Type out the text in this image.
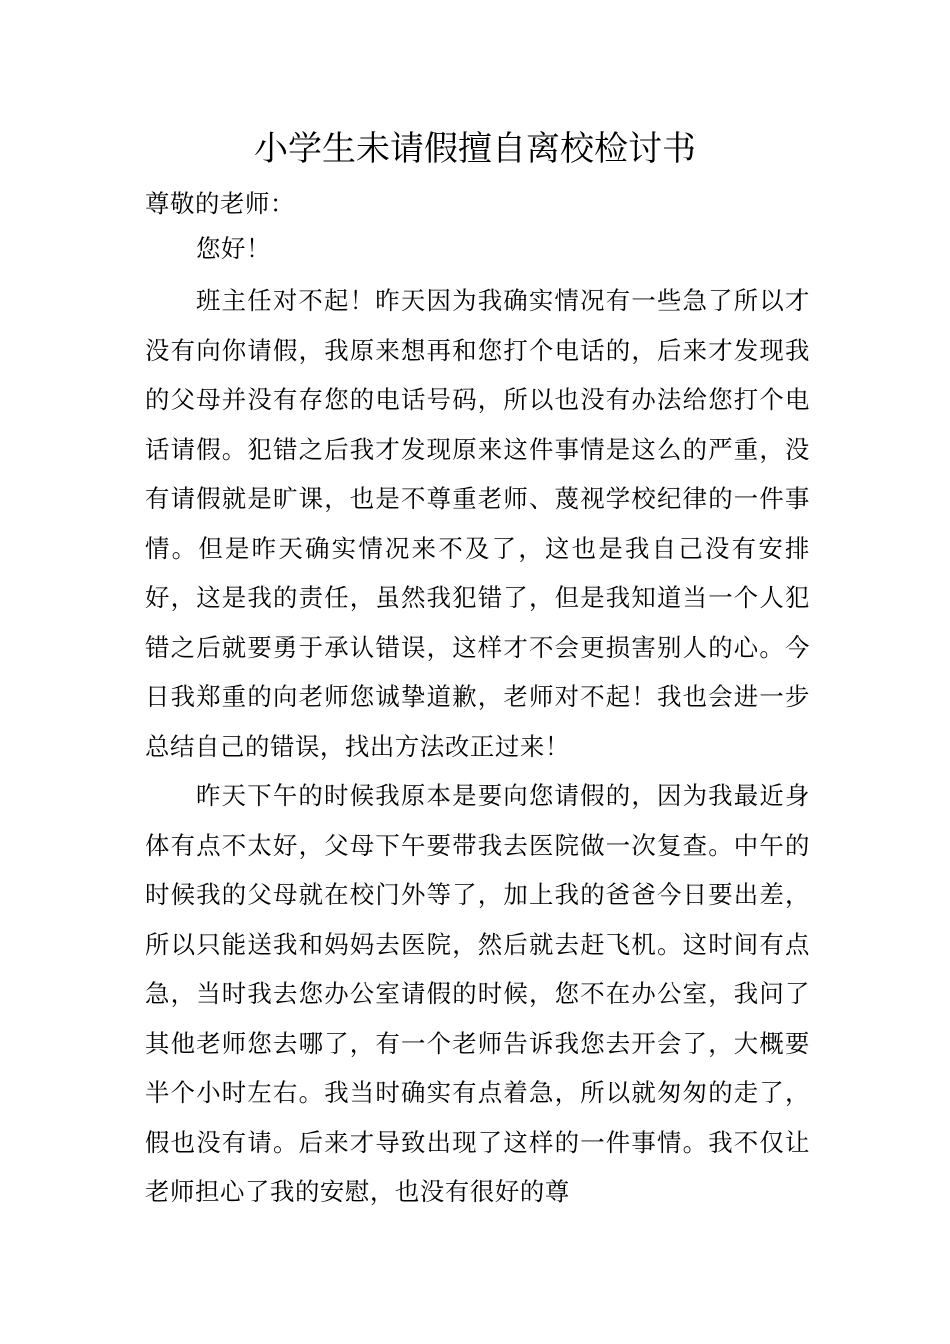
小学生未请假擅自离校检讨书

尊敬的老师：

您好！

班主任对不起！昨天因为我确实情况有一些急了所以才没有向你请假，我原来想再和您打个电话的，后来才发现我的父母并没有存您的电话号码，所以也没有办法给您打个电话请假。犯错之后我才发现原来这件事情是这么的严重，没有请假就是旷课，也是不尊重老师、蔑视学校纪律的一件事情。但是昨天确实情况来不及了，这也是我自己没有安排好，这是我的责任，虽然我犯错了，但是我知道当一个人犯错之后就要勇于承认错误，这样才不会更损害别人的心。今日我郑重的向老师您诚挚道歉，老师对不起！我也会进一步总结自己的错误，找出方法改正过来！

昨天下午的时候我原本是要向您请假的，因为我最近身体有点不太好，父母下午要带我去医院做一次复查。中午的时候我的父母就在校门外等了，加上我的爸爸今日要出差，所以只能送我和妈妈去医院，然后就去赶飞机。这时间有点急，当时我去您办公室请假的时候，您不在办公室，我问了其他老师您去哪了，有一个老师告诉我您去开会了，大概要半个小时左右。我当时确实有点着急，所以就匆匆的走了，假也没有请。后来才导致出现了这样的一件事情。我不仅让老师担心了我的安慰，也没有很好的尊
